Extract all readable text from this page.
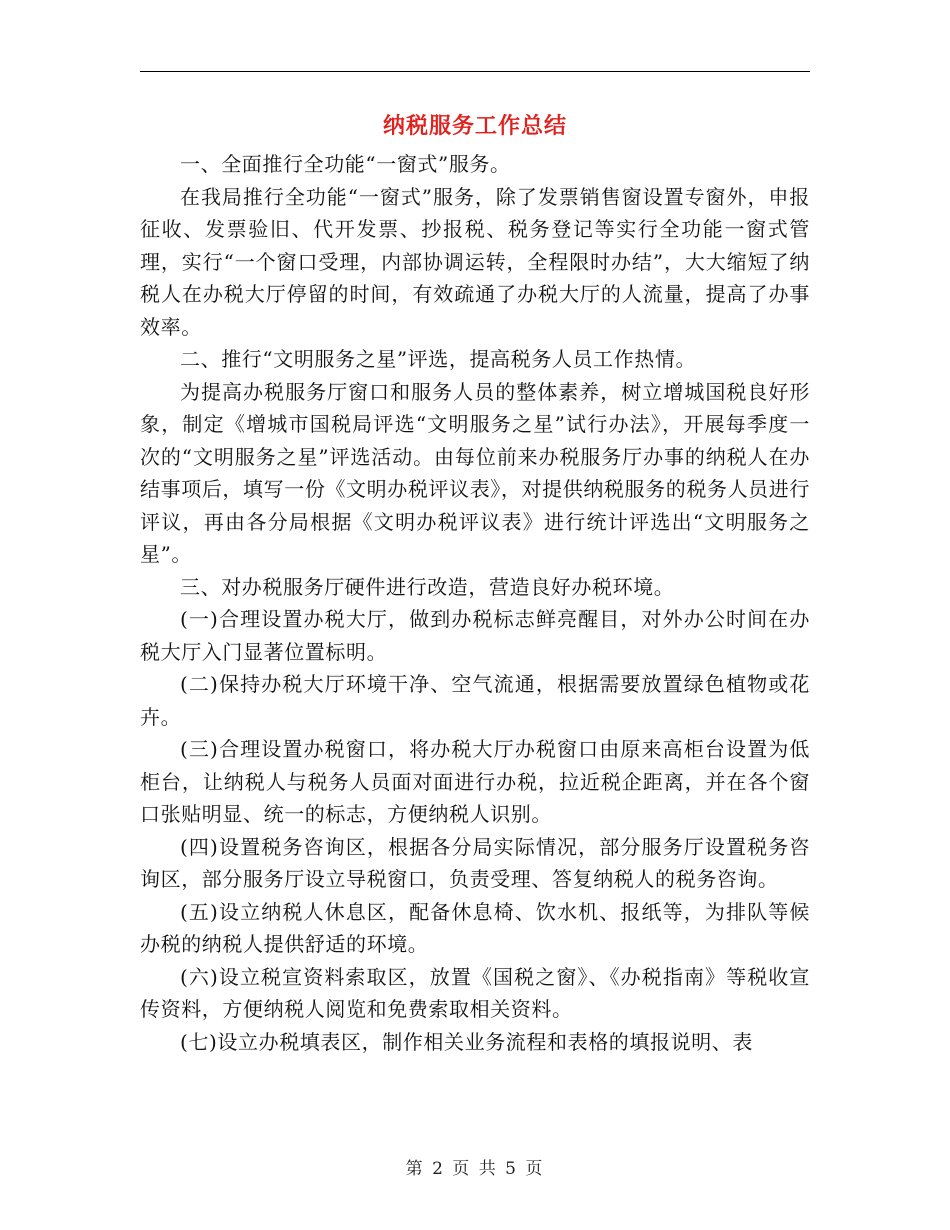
纳税服务工作总结

一、全面推行全功能“一窗式”服务。

在我局推行全功能“一窗式”服务，除了发票销售窗设置专窗外，申报征收、发票验旧、代开发票、抄报税、税务登记等实行全功能一窗式管理，实行“一个窗口受理，内部协调运转，全程限时办结”，大大缩短了纳税人在办税大厅停留的时间，有效疏通了办税大厅的人流量，提高了办事效率。

二、推行“文明服务之星”评选，提高税务人员工作热情。

为提高办税服务厅窗口和服务人员的整体素养，树立增城国税良好形象，制定《增城市国税局评选“文明服务之星”试行办法》，开展每季度一次的“文明服务之星”评选活动。由每位前来办税服务厅办事的纳税人在办结事项后，填写一份《文明办税评议表》，对提供纳税服务的税务人员进行评议，再由各分局根据《文明办税评议表》进行统计评选出“文明服务之星”。

三、对办税服务厅硬件进行改造，营造良好办税环境。

(一)合理设置办税大厅，做到办税标志鲜亮醒目，对外办公时间在办税大厅入门显著位置标明。

(二)保持办税大厅环境干净、空气流通，根据需要放置绿色植物或花卉。

(三)合理设置办税窗口，将办税大厅办税窗口由原来高柜台设置为低柜台，让纳税人与税务人员面对面进行办税，拉近税企距离，并在各个窗口张贴明显、统一的标志，方便纳税人识别。

(四)设置税务咨询区，根据各分局实际情况，部分服务厅设置税务咨询区，部分服务厅设立导税窗口，负责受理、答复纳税人的税务咨询。

(五)设立纳税人休息区，配备休息椅、饮水机、报纸等，为排队等候办税的纳税人提供舒适的环境。

(六)设立税宣资料索取区，放置《国税之窗》、《办税指南》等税收宣传资料，方便纳税人阅览和免费索取相关资料。

(七)设立办税填表区，制作相关业务流程和表格的填报说明、表

第 2 页 共 5 页
